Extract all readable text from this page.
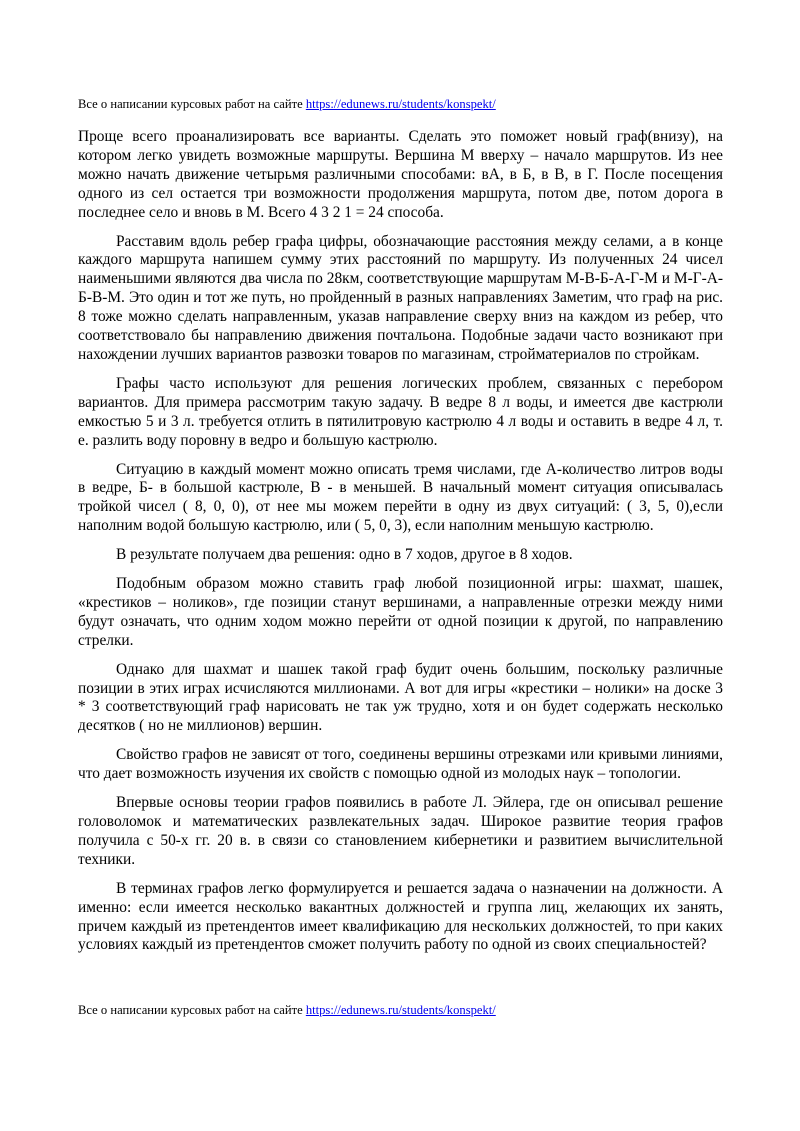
Все о написании курсовых работ на сайте https://edunews.ru/students/konspekt/

Проще всего проанализировать все варианты. Сделать это поможет новый граф(внизу), на котором легко увидеть возможные маршруты. Вершина М вверху – начало маршрутов. Из нее можно начать движение четырьмя различными способами: вА, в Б, в В, в Г. После посещения одного из сел остается три возможности продолжения маршрута, потом две, потом дорога в последнее село и вновь в М. Всего 4 3 2 1 = 24 способа.

Расставим вдоль ребер графа цифры, обозначающие расстояния между селами, а в конце каждого маршрута напишем сумму этих расстояний по маршруту. Из полученных 24 чисел наименьшими являются два числа по 28км, соответствующие маршрутам М-В-Б-А-Г-М и М-Г-А-Б-В-М. Это один и тот же путь, но пройденный в разных направлениях Заметим, что граф на рис. 8 тоже можно сделать направленным, указав направление сверху вниз на каждом из ребер, что соответствовало бы направлению движения почтальона. Подобные задачи часто возникают при нахождении лучших вариантов развозки товаров по магазинам, стройматериалов по стройкам.

Графы часто используют для решения логических проблем, связанных с перебором вариантов. Для примера рассмотрим такую задачу. В ведре 8 л воды, и имеется две кастрюли емкостью 5 и 3 л. требуется отлить в пятилитровую кастрюлю 4 л воды и оставить в ведре 4 л, т. е. разлить воду поровну в ведро и большую кастрюлю.

Ситуацию в каждый момент можно описать тремя числами, где А-количество литров воды в ведре, Б- в большой кастрюле, В - в меньшей. В начальный момент ситуация описывалась тройкой чисел ( 8, 0, 0), от нее мы можем перейти в одну из двух ситуаций: ( 3, 5, 0),если наполним водой большую кастрюлю, или ( 5, 0, 3), если наполним меньшую кастрюлю.

В результате получаем два решения: одно в 7 ходов, другое в 8 ходов.

Подобным образом можно ставить граф любой позиционной игры: шахмат, шашек, «крестиков – ноликов», где позиции станут вершинами, а направленные отрезки между ними будут означать, что одним ходом можно перейти от одной позиции к другой, по направлению стрелки.

Однако для шахмат и шашек такой граф будит очень большим, поскольку различные позиции в этих играх исчисляются миллионами. А вот для игры «крестики – нолики» на доске 3 * 3 соответствующий граф нарисовать не так уж трудно, хотя и он будет содержать несколько десятков ( но не миллионов) вершин.

Свойство графов не зависят от того, соединены вершины отрезками или кривыми линиями, что дает возможность изучения их свойств с помощью одной из молодых наук – топологии.

Впервые основы теории графов появились в работе Л. Эйлера, где он описывал решение головоломок и математических развлекательных задач. Широкое развитие теория графов получила с 50-х гг. 20 в. в связи со становлением кибернетики и развитием вычислительной техники.

В терминах графов легко формулируется и решается задача о назначении на должности. А именно: если имеется несколько вакантных должностей и группа лиц, желающих их занять, причем каждый из претендентов имеет квалификацию для нескольких должностей, то при каких условиях каждый из претендентов сможет получить работу по одной из своих специальностей?

Все о написании курсовых работ на сайте https://edunews.ru/students/konspekt/
